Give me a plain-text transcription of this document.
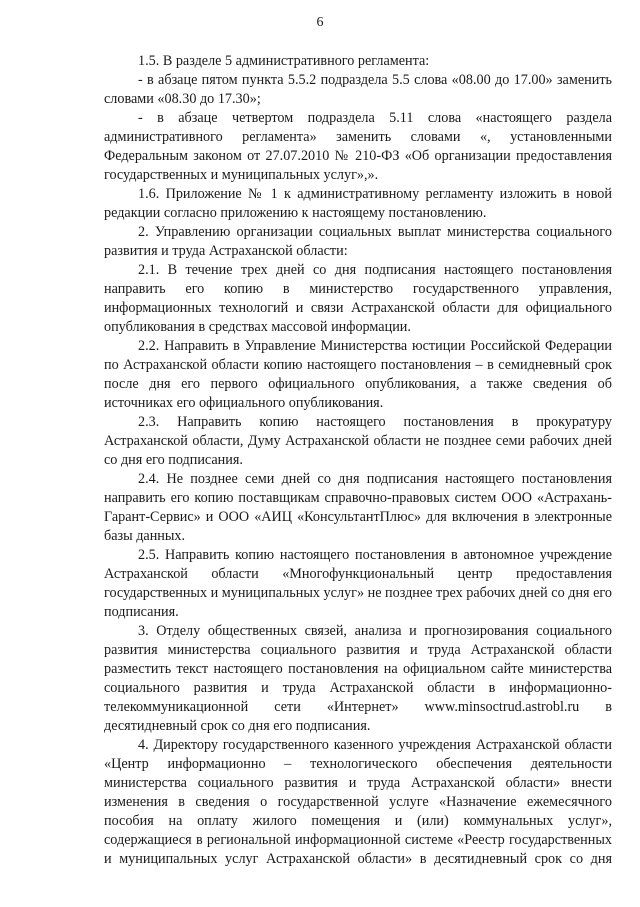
6

1.5. В разделе 5 административного регламента:

- в абзаце пятом пункта 5.5.2 подраздела 5.5 слова «08.00 до 17.00» заменить словами «08.30 до 17.30»;

- в абзаце четвертом подраздела 5.11 слова «настоящего раздела административного регламента» заменить словами «, установленными Федеральным законом от 27.07.2010 № 210-ФЗ «Об организации предоставления государственных и муниципальных услуг»,».

1.6. Приложение № 1 к административному регламенту изложить в новой редакции согласно приложению к настоящему постановлению.

2. Управлению организации социальных выплат министерства социального развития и труда Астраханской области:

2.1. В течение трех дней со дня подписания настоящего постановления направить его копию в министерство государственного управления, информационных технологий и связи Астраханской области для официального опубликования в средствах массовой информации.

2.2. Направить в Управление Министерства юстиции Российской Федерации по Астраханской области копию настоящего постановления – в семидневный срок после дня его первого официального опубликования, а также сведения об источниках его официального опубликования.

2.3. Направить копию настоящего постановления в прокуратуру Астраханской области, Думу Астраханской области не позднее семи рабочих дней со дня его подписания.

2.4. Не позднее семи дней со дня подписания настоящего постановления направить его копию поставщикам справочно-правовых систем ООО «Астрахань-Гарант-Сервис» и ООО «АИЦ «КонсультантПлюс» для включения в электронные базы данных.

2.5. Направить копию настоящего постановления в автономное учреждение Астраханской области «Многофункциональный центр предоставления государственных и муниципальных услуг» не позднее трех рабочих дней со дня его подписания.

3. Отделу общественных связей, анализа и прогнозирования социального развития министерства социального развития и труда Астраханской области разместить текст настоящего постановления на официальном сайте министерства социального развития и труда Астраханской области в информационно-телекоммуникационной сети «Интернет» www.minsoctrud.astrobl.ru в десятидневный срок со дня его подписания.

4. Директору государственного казенного учреждения Астраханской области «Центр информационно – технологического обеспечения деятельности министерства социального развития и труда Астраханской области» внести изменения в сведения о государственной услуге «Назначение ежемесячного пособия на оплату жилого помещения и (или) коммунальных услуг», содержащиеся в региональной информационной системе «Реестр государственных и муниципальных услуг Астраханской области» в десятидневный срок со дня
